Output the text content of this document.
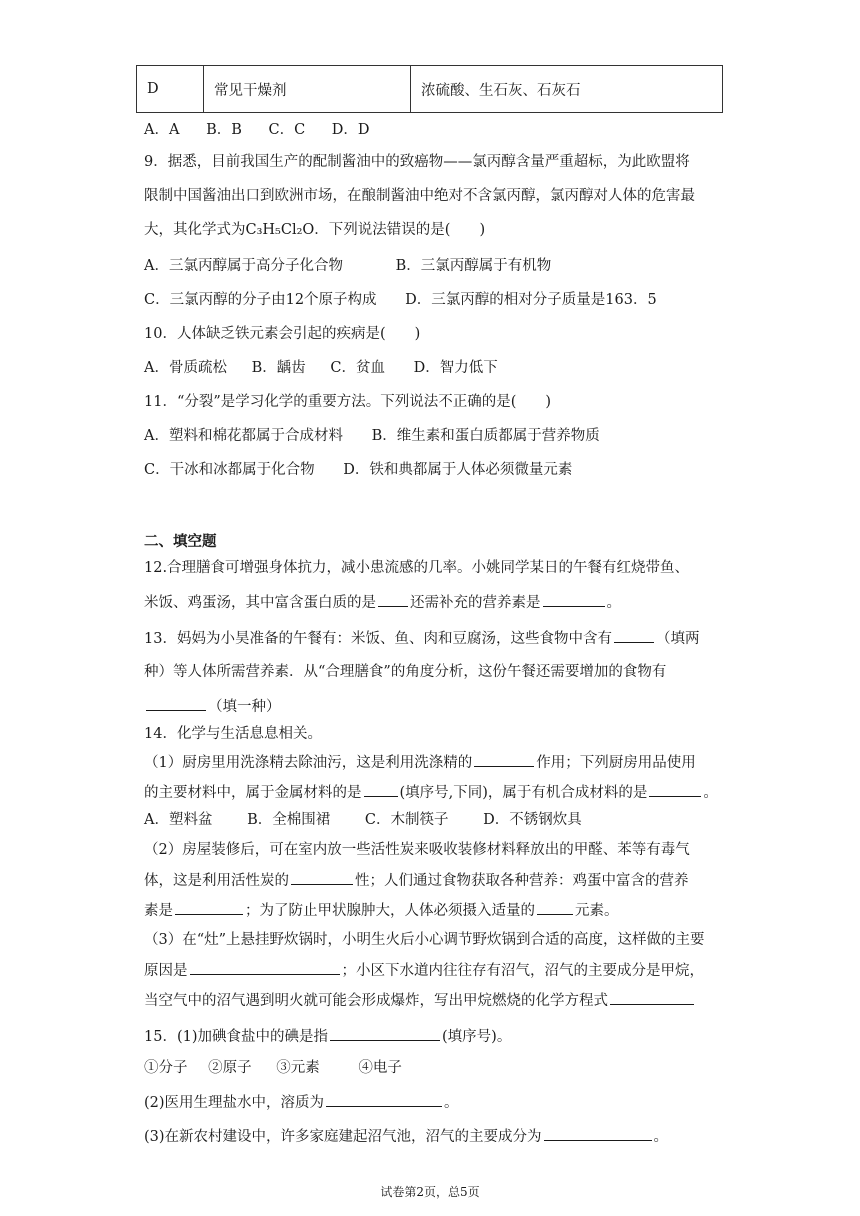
D	常见干燥剂	浓硫酸、生石灰、石灰石
A．A B．B C．C D．D
9．据悉，目前我国生产的配制酱油中的致癌物——氯丙醇含量严重超标，为此欧盟将
限制中国酱油出口到欧洲市场，在酿制酱油中绝对不含氯丙醇，氯丙醇对人体的危害最
大，其化学式为C₃H₅Cl₂O．下列说法错误的是(　　)
A．三氯丙醇属于高分子化合物	B．三氯丙醇属于有机物
C．三氯丙醇的分子由12个原子构成 D．三氯丙醇的相对分子质量是163．5
10．人体缺乏铁元素会引起的疾病是(　　)
A．骨质疏松 B．龋齿 C．贫血 D．智力低下
11．“分裂”是学习化学的重要方法。下列说法不正确的是(　　)
A．塑料和棉花都属于合成材料 B．维生素和蛋白质都属于营养物质
C．干冰和冰都属于化合物 D．铁和典都属于人体必须微量元素
二、填空题
12.合理膳食可增强身体抗力，减小患流感的几率。小姚同学某日的午餐有红烧带鱼、
米饭、鸡蛋汤，其中富含蛋白质的是 还需补充的营养素是	。
13．妈妈为小昊准备的午餐有：米饭、鱼、肉和豆腐汤，这些食物中含有	（填两
种）等人体所需营养素．从“合理膳食”的角度分析，这份午餐还需要增加的食物有
（填一种）
14．化学与生活息息相关。
（1）厨房里用洗涤精去除油污，这是利用洗涤精的	作用；下列厨房用品使用
的主要材料中，属于金属材料的是	(填序号,下同)，属于有机合成材料的是	。
A．塑料盆 B．全棉围裙 C．木制筷子 D．不锈钢炊具
（2）房屋装修后，可在室内放一些活性炭来吸收装修材料释放出的甲醛、苯等有毒气
体，这是利用活性炭的	性；人们通过食物获取各种营养：鸡蛋中富含的营养
素是	；为了防止甲状腺肿大，人体必须摄入适量的	元素。
（3）在“灶”上悬挂野炊锅时，小明生火后小心调节野炊锅到合适的高度，这样做的主要
原因是	；小区下水道内往往存有沼气，沼气的主要成分是甲烷，
当空气中的沼气遇到明火就可能会形成爆炸，写出甲烷燃烧的化学方程式
15．(1)加碘食盐中的碘是指	(填序号)。
①分子 ②原子 ③元素	④电子
(2)医用生理盐水中，溶质为	。
(3)在新农村建设中，许多家庭建起沼气池，沼气的主要成分为	。
试卷第2页，总5页
